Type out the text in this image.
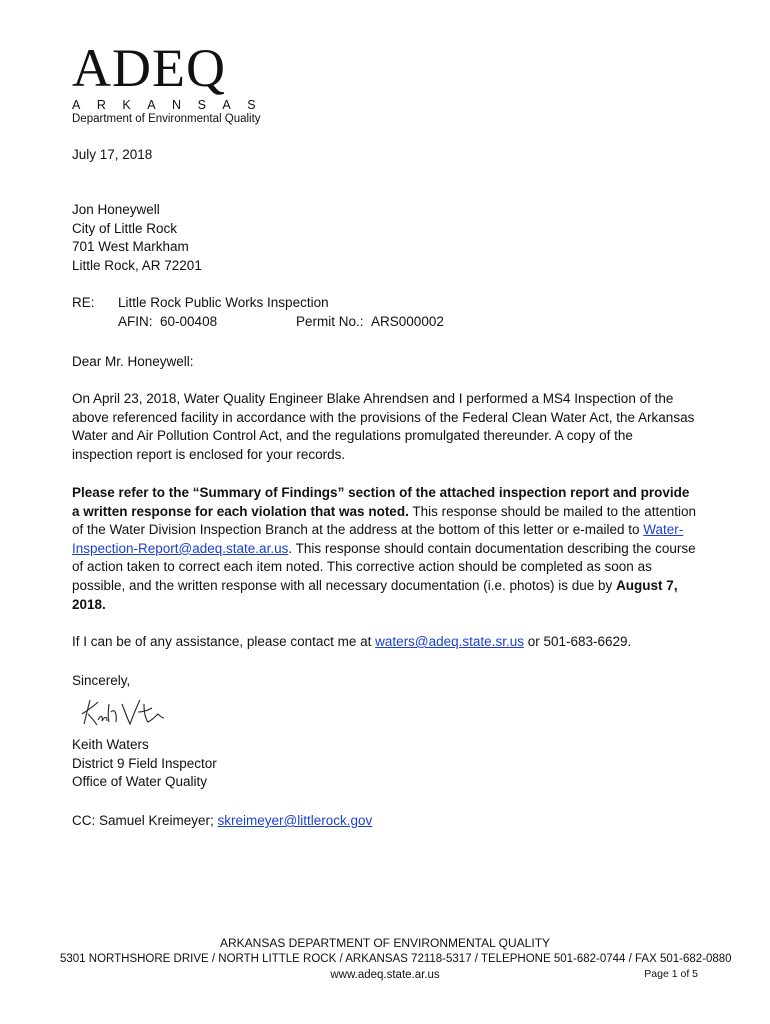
ADEQ
ARKANSAS
Department of Environmental Quality

July 17, 2018

Jon Honeywell
City of Little Rock
701 West Markham
Little Rock, AR 72201
RE:	Little Rock Public Works Inspection
AFIN: 60-00408	Permit No.: ARS000002

Dear Mr. Honeywell:

On April 23, 2018, Water Quality Engineer Blake Ahrendsen and I performed a MS4 Inspection of the above referenced facility in accordance with the provisions of the Federal Clean Water Act, the Arkansas Water and Air Pollution Control Act, and the regulations promulgated thereunder. A copy of the inspection report is enclosed for your records.

Please refer to the “Summary of Findings” section of the attached inspection report and provide a written response for each violation that was noted. This response should be mailed to the attention of the Water Division Inspection Branch at the address at the bottom of this letter or e-mailed to Water-Inspection-Report@adeq.state.ar.us. This response should contain documentation describing the course of action taken to correct each item noted. This corrective action should be completed as soon as possible, and the written response with all necessary documentation (i.e. photos) is due by August 7, 2018.

If I can be of any assistance, please contact me at waters@adeq.state.sr.us or 501-683-6629.

Sincerely,

Keith Waters
District 9 Field Inspector
Office of Water Quality

CC: Samuel Kreimeyer; skreimeyer@littlerock.gov

ARKANSAS DEPARTMENT OF ENVIRONMENTAL QUALITY
5301 NORTHSHORE DRIVE / NORTH LITTLE ROCK / ARKANSAS 72118-5317 / TELEPHONE 501-682-0744 / FAX 501-682-0880
www.adeq.state.ar.us	Page 1 of 5
